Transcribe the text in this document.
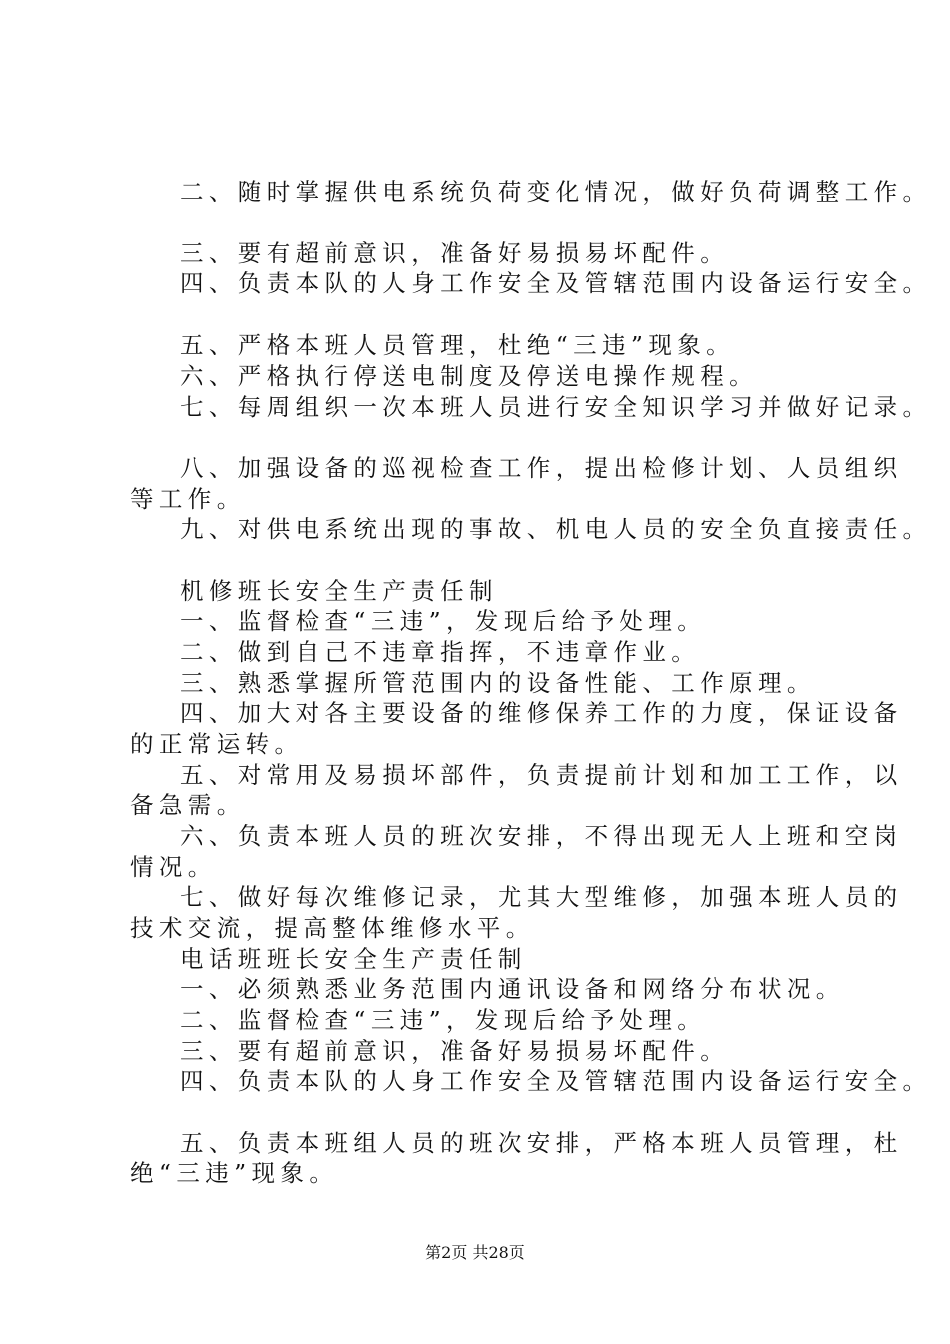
二、随时掌握供电系统负荷变化情况，做好负荷调整工作。

三、要有超前意识，准备好易损易坏配件。

四、负责本队的人身工作安全及管辖范围内设备运行安全。

五、严格本班人员管理，杜绝“三违”现象。

六、严格执行停送电制度及停送电操作规程。

七、每周组织一次本班人员进行安全知识学习并做好记录。

八、加强设备的巡视检查工作，提出检修计划、人员组织

等工作。

九、对供电系统出现的事故、机电人员的安全负直接责任。

机修班长安全生产责任制

一、监督检查“三违”，发现后给予处理。

二、做到自己不违章指挥，不违章作业。

三、熟悉掌握所管范围内的设备性能、工作原理。

四、加大对各主要设备的维修保养工作的力度，保证设备

的正常运转。

五、对常用及易损坏部件，负责提前计划和加工工作，以

备急需。

六、负责本班人员的班次安排，不得出现无人上班和空岗

情况。

七、做好每次维修记录，尤其大型维修，加强本班人员的

技术交流，提高整体维修水平。

电话班班长安全生产责任制

一、必须熟悉业务范围内通讯设备和网络分布状况。

二、监督检查“三违”，发现后给予处理。

三、要有超前意识，准备好易损易坏配件。

四、负责本队的人身工作安全及管辖范围内设备运行安全。

五、负责本班组人员的班次安排，严格本班人员管理，杜

绝“三违”现象。

第2页 共28页
